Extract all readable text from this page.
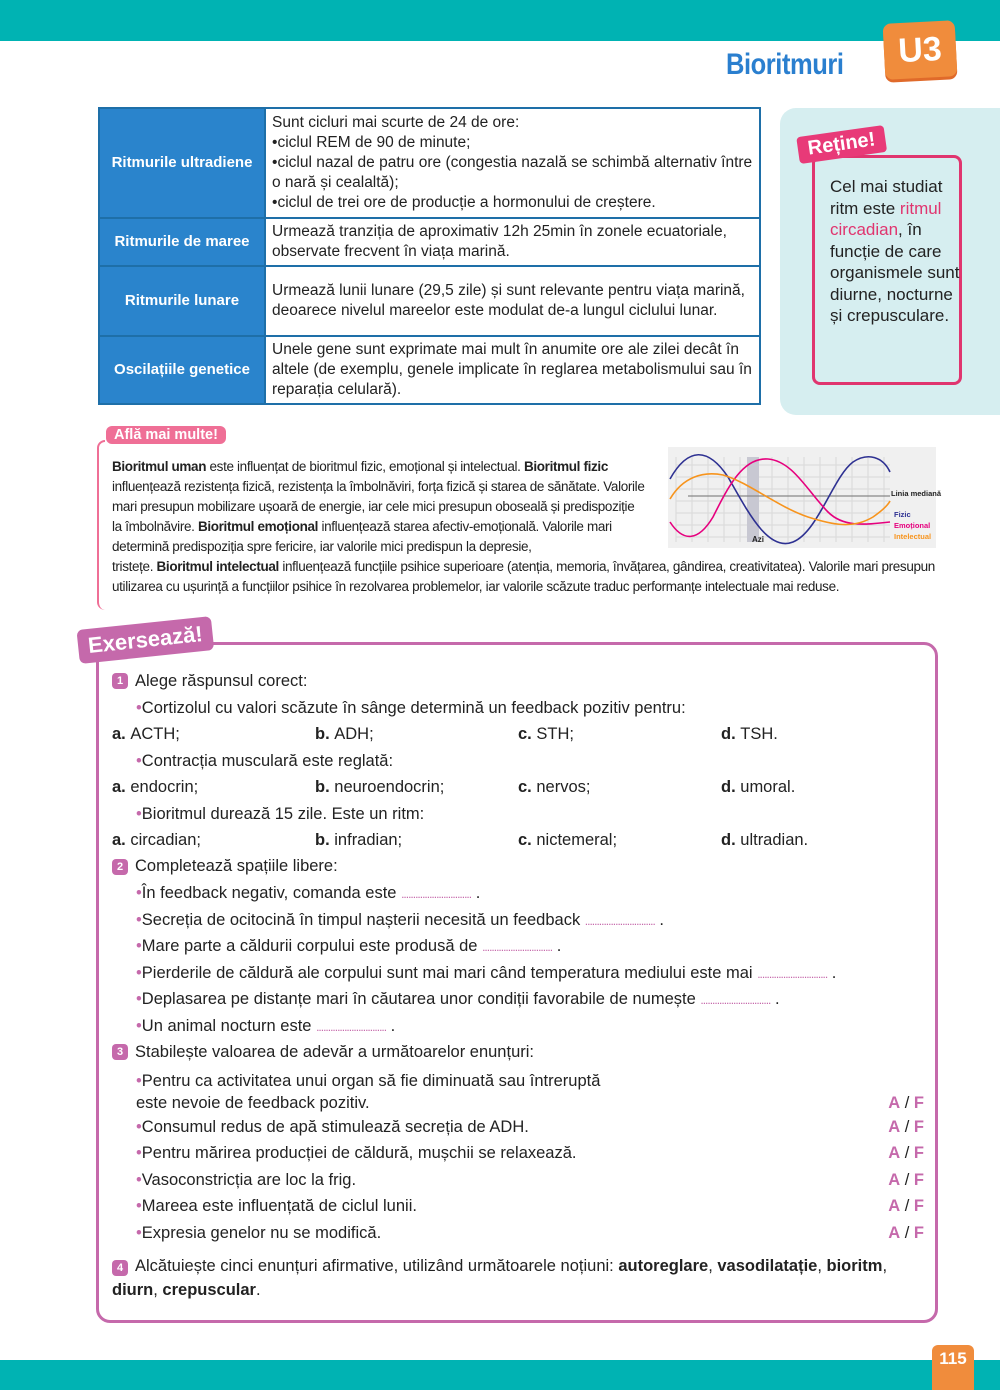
Bioritmuri	U3
Ritmurile ultradiene	Sunt cicluri mai scurte de 24 de ore:
• ciclul REM de 90 de minute;
• ciclul nazal de patru ore (congestia nazală se schimbă alternativ între o nară și cealaltă);
• ciclul de trei ore de producție a hormonului de creștere.

Ritmurile de maree	Urmează tranziția de aproximativ 12h 25min în zonele ecuatoriale, observate frecvent în viața marină.
Ritmurile lunare	Urmează lunii lunare (29,5 zile) și sunt relevante pentru viața marină, deoarece nivelul mareelor este modulat de-a lungul ciclului lunar.
Oscilațiile genetice	Unele gene sunt exprimate mai mult în anumite ore ale zilei decât în altele (de exemplu, genele implicate în reglarea metabolismului sau în reparația celulară).
Reține!
Cel mai studiat ritm este ritmul circadian, în funcție de care organismele sunt diurne, nocturne și crepusculare.
Află mai multe!
Bioritmul uman este influențat de bioritmul fizic, emoțional și intelectual. Bioritmul fizic influențează rezistența fizică, rezistența la îmbolnăviri, forța fizică și starea de sănătate. Valorile mari presupun mobilizare ușoară de energie, iar cele mici presupun oboseală și predispoziție la îmbolnăvire. Bioritmul emoțional influențează starea afectiv-emoțională. Valorile mari determină predispoziția spre fericire, iar valorile mici predispun la depresie,
tristețe. Bioritmul intelectual influențează funcțiile psihice superioare (atenția, memoria, învățarea, gândirea, creativitatea). Valorile mari presupun utilizarea cu ușurință a funcțiilor psihice în rezolvarea problemelor, iar valorile scăzute traduc performanțe intelectuale mai reduse.
Azi
Linia mediană
Fizic
Emoțional
Intelectual
Exersează!
1 Alege răspunsul corect:
• Cortizolul cu valori scăzute în sânge determină un feedback pozitiv pentru:
a. ACTH;	b. ADH;	c. STH;	d. TSH.
• Contracția musculară este reglată:
a. endocrin;	b. neuroendocrin;	c. nervos;	d. umoral.
• Bioritmul durează 15 zile. Este un ritm:
a. circadian;	b. infradian;	c. nictemeral;	d. ultradian.
2 Completează spațiile libere:
• În feedback negativ, comanda este .............................. .
• Secreția de ocitocină în timpul nașterii necesită un feedback .............................. .
• Mare parte a căldurii corpului este produsă de .............................. .
• Pierderile de căldură ale corpului sunt mai mari când temperatura mediului este mai .............................. .
• Deplasarea pe distanțe mari în căutarea unor condiții favorabile de numește .............................. .
• Un animal nocturn este .............................. .
3 Stabilește valoarea de adevăr a următoarelor enunțuri:
• Pentru ca activitatea unui organ să fie diminuată sau întreruptă este nevoie de feedback pozitiv.	A / F
• Consumul redus de apă stimulează secreția de ADH.	A / F
• Pentru mărirea producției de căldură, mușchii se relaxează.	A / F
• Vasoconstricția are loc la frig.	A / F
• Mareea este influențată de ciclul lunii.	A / F
• Expresia genelor nu se modifică.	A / F
4 Alcătuiește cinci enunțuri afirmative, utilizând următoarele noțiuni: autoreglare, vasodilatație, bioritm, diurn, crepuscular.
115
